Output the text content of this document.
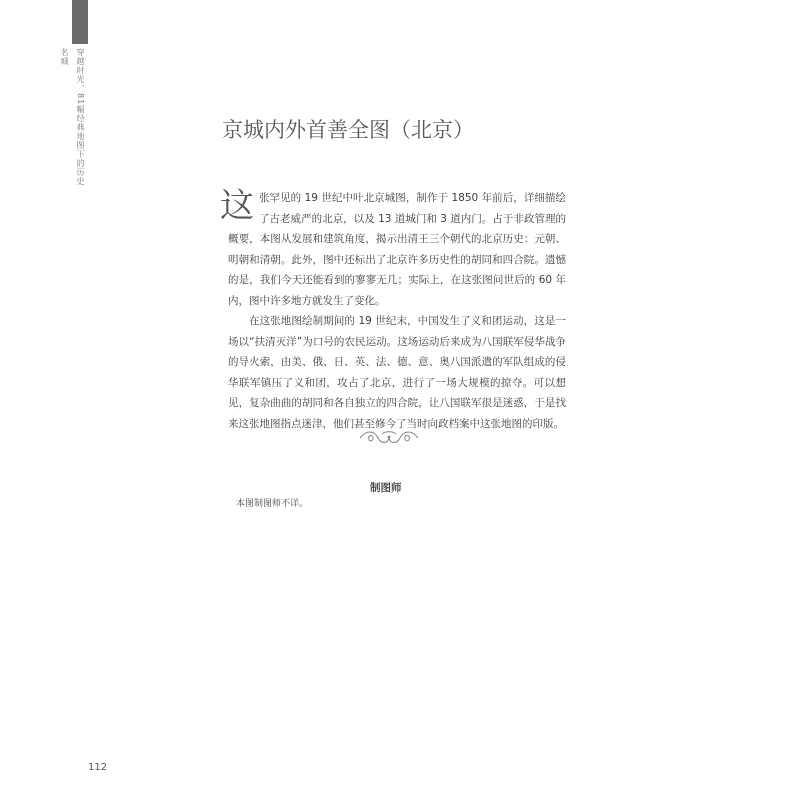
穿越时光、81幅经典地图下的历史名城
京城内外首善全图（北京）

这张罕见的 19 世纪中叶北京城图，制作于 1850 年前后，详细描绘了古老威严的北京，以及 13 道城门和 3 道内门。占于非政管理的概要，本图从发展和建筑角度，揭示出清王三个朝代的北京历史：元朝、明朝和清朝。此外，图中还标出了北京许多历史性的胡同和四合院。遗憾的是，我们今天还能看到的寥寥无几；实际上，在这张图问世后的 60 年内，图中许多地方就发生了变化。

在这张地图绘制期间的 19 世纪末，中国发生了义和团运动，这是一场以“扶清灭洋”为口号的农民运动。这场运动后来成为八国联军侵华战争的导火索，由美、俄、日、英、法、德、意、奥八国派遣的军队组成的侵华联军镇压了义和团，攻占了北京，进行了一场大规模的掠夺。可以想见，复杂曲曲的胡同和各自独立的四合院，让八国联军很是迷惑，于是找来这张地图指点迷津，他们甚至修今了当时向政档案中这张地图的印版。

制图师
本图制图师不详。
112
